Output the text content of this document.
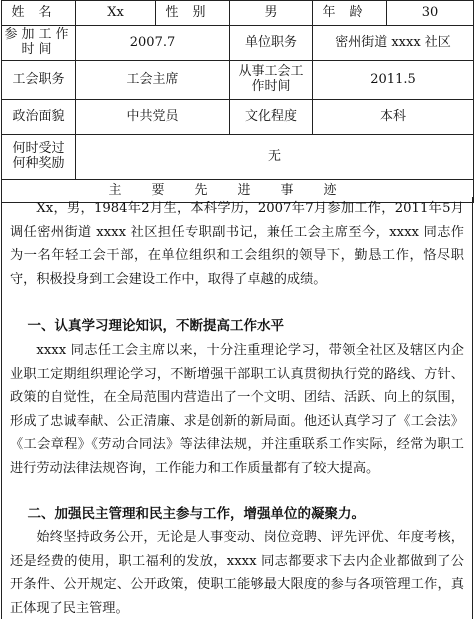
姓名	Xx	性别	男	年龄	30
参加工作时间	2007.7		单位职务	密州街道 xxxx 社区	
工会职务	工会主席		从事工会工作时间	2011.5	
政治面貌	中共党员		文化程度	本科	
何时受过何种奖励	无				
主要先进事迹					

Xx，男，1984年2月生，本科学历，2007年7月参加工作，2011年5月调任密州街道 xxxx 社区担任专职副书记，兼任工会主席至今，xxxx 同志作为一名年轻工会干部，在单位组织和工会组织的领导下，勤恳工作，恪尽职守，积极投身到工会建设工作中，取得了卓越的成绩。

一、认真学习理论知识，不断提高工作水平

xxxx 同志任工会主席以来，十分注重理论学习，带领全社区及辖区内企业职工定期组织理论学习，不断增强干部职工认真贯彻执行党的路线、方针、政策的自觉性，在全局范围内营造出了一个文明、团结、活跃、向上的氛围，形成了忠诚奉献、公正清廉、求是创新的新局面。他还认真学习了《工会法》《工会章程》《劳动合同法》等法律法规，并注重联系工作实际，经常为职工进行劳动法律法规咨询，工作能力和工作质量都有了较大提高。

二、加强民主管理和民主参与工作，增强单位的凝聚力。

始终坚持政务公开，无论是人事变动、岗位竞聘、评先评优、年度考核，还是经费的使用，职工福利的发放，xxxx 同志都要求下去内企业都做到了公开条件、公开规定、公开政策，使职工能够最大限度的参与各项管理工作，真正体现了民主管理。
